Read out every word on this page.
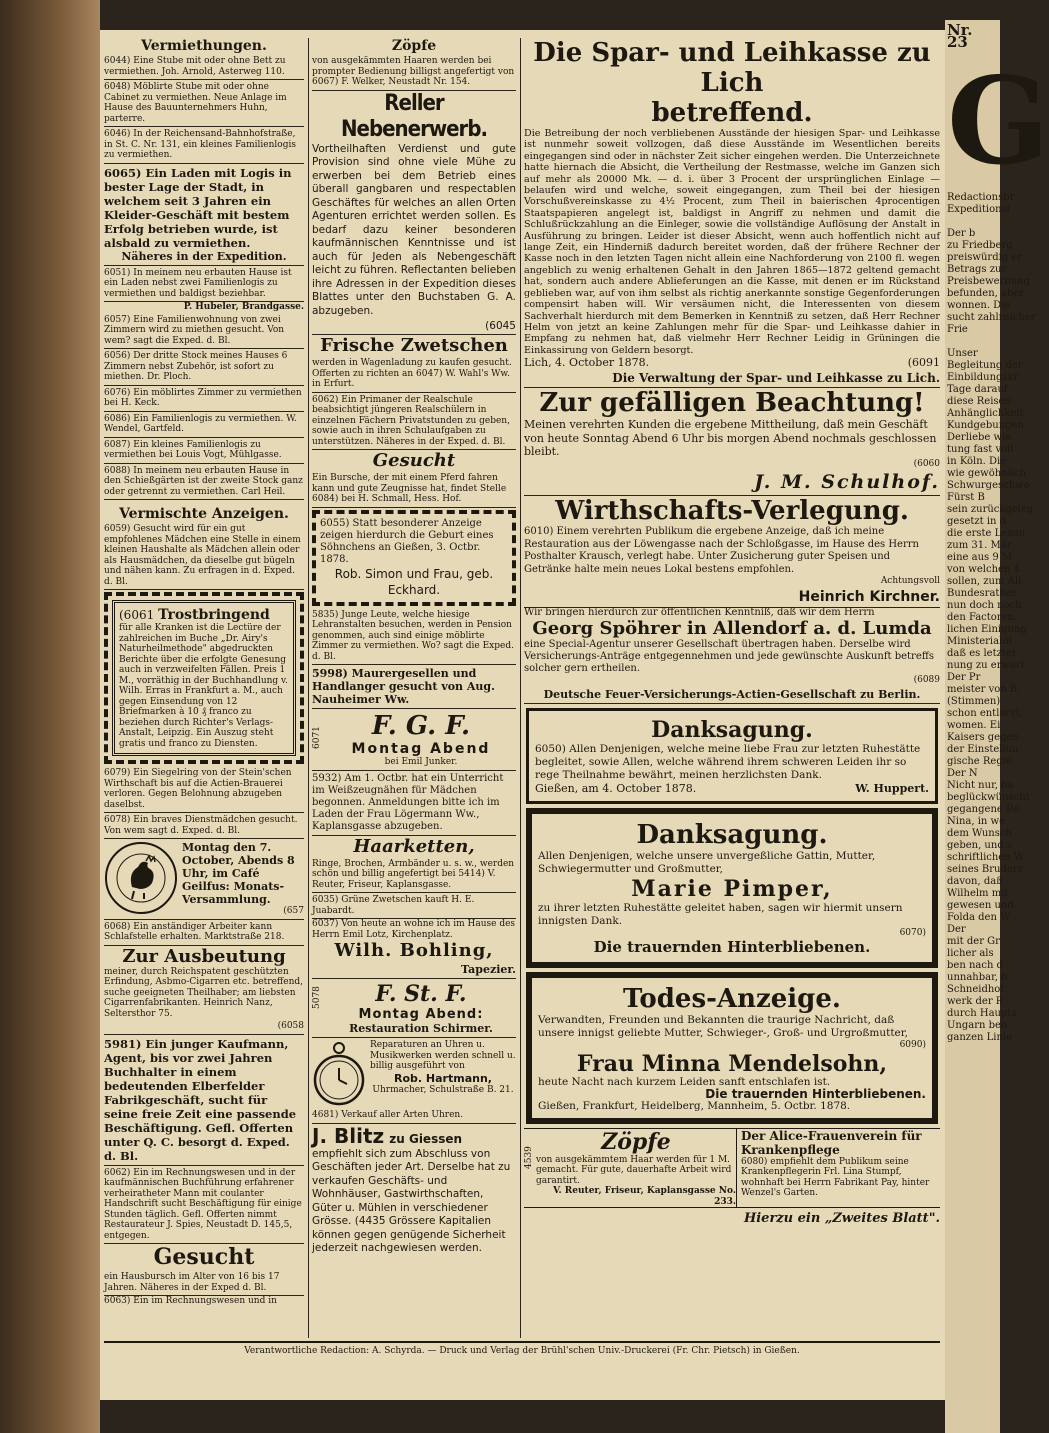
Vermiethungen.
6044) Eine Stube mit oder ohne Bett zu vermiethen. Joh. Arnold, Asterweg 110.
6048) Möblirte Stube mit oder ohne Cabinet zu vermiethen. Neue Anlage im Hause des Bauunternehmers Huhn, parterre.
6046) In der Reichensand-Bahnhofstraße, in St. C. Nr. 131, ein kleines Familienlogis zu vermiethen.
6065) Ein Laden mit Logis in bester Lage der Stadt, in welchem seit 3 Jahren ein Kleider-Geschäft mit bestem Erfolg betrieben wurde, ist alsbald zu vermiethen.
Näheres in der Expedition.
6051) In meinem neu erbauten Hause ist ein Laden nebst zwei Familienlogis zu vermiethen und baldigst beziehbar.
P. Hubeler, Brandgasse.
6057) Eine Familienwohnung von zwei Zimmern wird zu miethen gesucht. Von wem? sagt die Exped. d. Bl.
6056) Der dritte Stock meines Hauses 6 Zimmern nebst Zubehör, ist sofort zu miethen. Dr. Ploch.
6076) Ein möblirtes Zimmer zu vermiethen bei H. Keck.
6086) Ein Familienlogis zu vermiethen. W. Wendel, Gartfeld.
6087) Ein kleines Familienlogis zu vermiethen bei Louis Vogt, Mühlgasse.
6088) In meinem neu erbauten Hause in den Schießgärten ist der zweite Stock ganz oder getrennt zu vermiethen. Carl Heil.
Vermischte Anzeigen.
6059) Gesucht wird für ein gut empfohlenes Mädchen eine Stelle in einem kleinen Haushalte als Mädchen allein oder als Hausmädchen, da dieselbe gut bügeln und nähen kann. Zu erfragen in d. Exped. d. Bl.
(6061 Trostbringend
für alle Kranken ist die Lectüre der zahlreichen im Buche „Dr. Airy's Naturheilmethode" abgedruckten Berichte über die erfolgte Genesung auch in verzweifelten Fällen. Preis 1 M., vorräthig in der Buchhandlung v. Wilh. Erras in Frankfurt a. M., auch gegen Einsendung von 12 Briefmarken à 10 ₰ franco zu beziehen durch Richter's Verlags-Anstalt, Leipzig. Ein Auszug steht gratis und franco zu Diensten.
6079) Ein Siegelring von der Stein'schen Wirthschaft bis auf die Actien-Brauerei verloren. Gegen Belohnung abzugeben daselbst.
6078) Ein braves Dienstmädchen gesucht. Von wem sagt d. Exped. d. Bl.
Montag den 7. October, Abends 8 Uhr, im Café Geilfus: Monats-Versammlung.
(657
6068) Ein anständiger Arbeiter kann Schlafstelle erhalten. Marktstraße 218.
Zur Ausbeutung
meiner, durch Reichspatent geschützten Erfindung, Asbmo-Cigarren etc. betreffend, suche geeigneten Theilhaber; am liebsten Cigarrenfabrikanten. Heinrich Nanz, Seltersthor 75.
(6058
5981) Ein junger Kaufmann, Agent, bis vor zwei Jahren Buchhalter in einem bedeutenden Elberfelder Fabrikgeschäft, sucht für seine freie Zeit eine passende Beschäftigung. Gefl. Offerten unter Q. C. besorgt d. Exped. d. Bl.
6062) Ein im Rechnungswesen und in der kaufmännischen Buchführung erfahrener verheiratheter Mann mit coulanter Handschrift sucht Beschäftigung für einige Stunden täglich. Gefl. Offerten nimmt Restaurateur J. Spies, Neustadt D. 145,5, entgegen.
Gesucht
ein Hausbursch im Alter von 16 bis 17 Jahren. Näheres in der Exped d. Bl.
6063) Ein im Rechnungswesen und in
Zöpfe
von ausgekämmten Haaren werden bei prompter Bedienung billigst angefertigt von 6067) F. Welker, Neustadt Nr. 154.
Reller Nebenerwerb.
Vortheilhaften Verdienst und gute Provision sind ohne viele Mühe zu erwerben bei dem Betrieb eines überall gangbaren und respectablen Geschäftes für welches an allen Orten Agenturen errichtet werden sollen. Es bedarf dazu keiner besonderen kaufmännischen Kenntnisse und ist auch für Jeden als Nebengeschäft leicht zu führen. Reflectanten belieben ihre Adressen in der Expedition dieses Blattes unter den Buchstaben G. A. abzugeben.
(6045
Frische Zwetschen
werden in Wagenladung zu kaufen gesucht. Offerten zu richten an 6047) W. Wahl's Ww. in Erfurt.
6062) Ein Primaner der Realschule beabsichtigt jüngeren Realschülern in einzelnen Fächern Privatstunden zu geben, sowie auch in ihren Schulaufgaben zu unterstützen. Näheres in der Exped. d. Bl.
Gesucht
Ein Bursche, der mit einem Pferd fahren kann und gute Zeugnisse hat, findet Stelle 6084) bei H. Schmall, Hess. Hof.
6055) Statt besonderer Anzeige zeigen hierdurch die Geburt eines Söhnchens an Gießen, 3. Octbr. 1878.
Rob. Simon und Frau, geb. Eckhard.
5835) Junge Leute, welche hiesige Lehranstalten besuchen, werden in Pension genommen, auch sind einige möblirte Zimmer zu vermiethen. Wo? sagt die Exped. d. Bl.
5998) Maurergesellen und Handlanger gesucht von Aug. Nauheimer Ww.
6071	F. G. F.
Montag Abend
bei Emil Junker.
5932) Am 1. Octbr. hat ein Unterricht im Weißzeugnähen für Mädchen begonnen. Anmeldungen bitte ich im Laden der Frau Lögermann Ww., Kaplansgasse abzugeben.
Haarketten,
Ringe, Brochen, Armbänder u. s. w., werden schön und billig angefertigt bei 5414) V. Reuter, Friseur, Kaplansgasse.
6035) Grüne Zwetschen kauft H. E. Juabardt.
6037) Von heute an wohne ich im Hause des Herrn Emil Lotz, Kirchenplatz.
Wilh. Bohling,
Tapezier.
5078	F. St. F.
Montag Abend:
Restauration Schirmer.
Reparaturen an Uhren u. Musikwerken werden schnell u. billig ausgeführt von
Rob. Hartmann,
Uhrmacher, Schulstraße B. 21.
4681) Verkauf aller Arten Uhren.
J. Blitz zu Giessen
empfiehlt sich zum Abschluss von Geschäften jeder Art. Derselbe hat zu verkaufen Geschäfts- und Wohnhäuser, Gastwirthschaften, Güter u. Mühlen in verschiedener Grösse. (4435 Grössere Kapitalien können gegen genügende Sicherheit jederzeit nachgewiesen werden.
Die Spar- und Leihkasse zu Lich
betreffend.
Die Betreibung der noch verbliebenen Ausstände der hiesigen Spar- und Leihkasse ist nunmehr soweit vollzogen, daß diese Ausstände im Wesentlichen bereits eingegangen sind oder in nächster Zeit sicher eingehen werden. Die Unterzeichnete hatte hiernach die Absicht, die Vertheilung der Restmasse, welche im Ganzen sich auf mehr als 20000 Mk. — d. i. über 3 Procent der ursprünglichen Einlage — belaufen wird und welche, soweit eingegangen, zum Theil bei der hiesigen Vorschußvereinskasse zu 4½ Procent, zum Theil in baierischen 4procentigen Staatspapieren angelegt ist, baldigst in Angriff zu nehmen und damit die Schlußrückzahlung an die Einleger, sowie die vollständige Auflösung der Anstalt in Ausführung zu bringen. Leider ist dieser Absicht, wenn auch hoffentlich nicht auf lange Zeit, ein Hinderniß dadurch bereitet worden, daß der frühere Rechner der Kasse noch in den letzten Tagen nicht allein eine Nachforderung von 2100 fl. wegen angeblich zu wenig erhaltenen Gehalt in den Jahren 1865—1872 geltend gemacht hat, sondern auch andere Ablieferungen an die Kasse, mit denen er im Rückstand geblieben war, auf von ihm selbst als richtig anerkannte sonstige Gegenforderungen compensirt haben will. Wir versäumen nicht, die Interessenten von diesem Sachverhalt hierdurch mit dem Bemerken in Kenntniß zu setzen, daß Herr Rechner Helm von jetzt an keine Zahlungen mehr für die Spar- und Leihkasse dahier in Empfang zu nehmen hat, daß vielmehr Herr Rechner Leidig in Grüningen die Einkassirung von Geldern besorgt.
Lich, 4. October 1878.	(6091
Die Verwaltung der Spar- und Leihkasse zu Lich.
Zur gefälligen Beachtung!
Meinen verehrten Kunden die ergebene Mittheilung, daß mein Geschäft von heute Sonntag Abend 6 Uhr bis morgen Abend nochmals geschlossen bleibt.
(6060
J. M. Schulhof.
Wirthschafts-Verlegung.
6010) Einem verehrten Publikum die ergebene Anzeige, daß ich meine Restauration aus der Löwengasse nach der Schloßgasse, im Hause des Herrn Posthalter Krausch, verlegt habe. Unter Zusicherung guter Speisen und Getränke halte mein neues Lokal bestens empfohlen.
Achtungsvoll
Heinrich Kirchner.
Wir bringen hierdurch zur öffentlichen Kenntniß, daß wir dem Herrn
Georg Spöhrer in Allendorf a. d. Lumda
eine Special-Agentur unserer Gesellschaft übertragen haben. Derselbe wird Versicherungs-Anträge entgegennehmen und jede gewünschte Auskunft betreffs solcher gern ertheilen.
(6089
Deutsche Feuer-Versicherungs-Actien-Gesellschaft zu Berlin.
Danksagung.
6050) Allen Denjenigen, welche meine liebe Frau zur letzten Ruhestätte begleitet, sowie Allen, welche während ihrem schweren Leiden ihr so rege Theilnahme bewährt, meinen herzlichsten Dank.
Gießen, am 4. October 1878.	W. Huppert.
Danksagung.
Allen Denjenigen, welche unsere unvergeßliche Gattin, Mutter, Schwiegermutter und Großmutter,
Marie Pimper,
zu ihrer letzten Ruhestätte geleitet haben, sagen wir hiermit unsern innigsten Dank.
6070)
Die trauernden Hinterbliebenen.
Todes-Anzeige.
Verwandten, Freunden und Bekannten die traurige Nachricht, daß unsere innigst geliebte Mutter, Schwieger-, Groß- und Urgroßmutter,
6090)
Frau Minna Mendelsohn,
heute Nacht nach kurzem Leiden sanft entschlafen ist.
Die trauernden Hinterbliebenen.
Gießen, Frankfurt, Heidelberg, Mannheim, 5. Octbr. 1878.
4539
Zöpfe
von ausgekämmtem Haar werden für 1 M. gemacht. Für gute, dauerhafte Arbeit wird garantirt.
V. Reuter, Friseur, Kaplansgasse No. 233.
Der Alice-Frauenverein für Krankenpflege
6080) empfiehlt dem Publikum seine Krankenpflegerin Frl. Lina Stumpf, wohnhaft bei Herrn Fabrikant Pay, hinter Wenzel's Garten.
Hierzu ein „Zweites Blatt".
Verantwortliche Redaction: A. Schyrda. — Druck und Verlag der Brühl'schen Univ.-Druckerei (Fr. Chr. Pietsch) in Gießen.
Nr. 23
G
Redactionsbr
Expeditionsl

Der b
zu Friedberg
preiswürdig er
Betrags zur
Preisbewerbung
befunden, aber
wonnen. Die
sucht zahlreicher
Frie

Unser
Begleitung der
Einbildungskr
Tage darauf
diese Reisen
Anhänglichkeit
Kundgebungen
Derliebe wie
tung fast voll
in Köln. Die
wie gewöhnlich
Schwurgeschwo
Fürst B
sein zurückgeleg
gesetzt in d
die erste Lesun
zum 31. Mär
eine aus 9 M
von welchen 4
sollen, zum All
Bundesrathes
nun doch noch
den Factoren.
lichen Einigung
Ministerialdi
daß es letzter
nung zu erwart
Der Pr
meister von B
(Stimmen)
schon entlarvt,
women. Ei
Kaisers gegen
der Einstellun
gische Regie
Der N
Nicht nur, ba
beglückwünscht
gegangene Re
Nina, in we
dem Wunsch
geben, und s
schriftlichen W
seines Bruders
davon, daß
Wilhelm mit
gewesen und
Folda den W
Der
mit der Gr
licher als
ben nach d
unnahbar, b
Schneidhof
werk der R
durch Haupts
Ungarn ben
ganzen Linie
